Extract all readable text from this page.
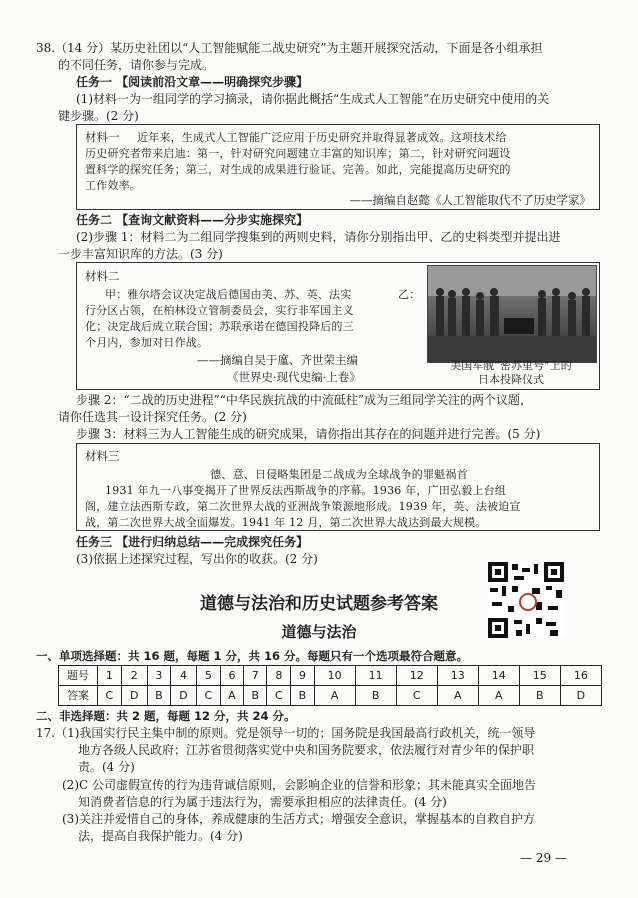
38.（14 分）某历史社团以“人工智能赋能二战史研究”为主题开展探究活动，下面是各小组承担
的不同任务，请你参与完成。
任务一 【阅读前沿文章——明确探究步骤】
(1)材料一为一组同学的学习摘录，请你据此概括“生成式人工智能”在历史研究中使用的关
键步骤。(2 分)
材料一 近年来，生成式人工智能广泛应用于历史研究并取得显著成效。这项技术给
历史研究者带来启迪：第一，针对研究问题建立丰富的知识库；第二，针对研究问题设
置科学的探究任务；第三，对生成的成果进行验证、完善。如此，完能提高历史研究的
工作效率。
——摘编自赵懿《人工智能取代不了历史学家》
任务二 【查询文献资料——分步实施探究】
(2)步骤 1：材料二为二组同学搜集到的两则史料，请你分别指出甲、乙的史料类型并提出进
一步丰富知识库的方法。(3 分)
材料二
甲：雅尔塔会议决定战后德国由美、苏、英、法实
行分区占领，在柏林设立管制委员会，实行非军国主义
化；决定战后成立联合国；苏联承诺在德国投降后的三
个月内，参加对日作战。
——摘编自吴于廑、齐世荣主编
《世界史·现代史编·上卷》
乙：
美国军舰“密苏里号”上的
日本投降仪式
步骤 2：“二战的历史进程”“中华民族抗战的中流砥柱”成为三组同学关注的两个议题，
请你任选其一设计探究任务。(2 分)
步骤 3：材料三为人工智能生成的研究成果，请你指出其存在的问题并进行完善。(5 分)
材料三
德、意、日侵略集团是二战成为全球战争的罪魁祸首
1931 年九一八事变揭开了世界反法西斯战争的序幕。1936 年，广田弘毅上台组
阁，建立法西斯专政，第二次世界大战的亚洲战争策源地形成。1939 年，英、法被迫宣
战，第二次世界大战全面爆发。1941 年 12 月，第二次世界大战达到最大规模。
任务三 【进行归纳总结——完成探究任务】
(3)依据上述探究过程，写出你的收获。(2 分)
道德与法治和历史试题参考答案
道德与法治
一、单项选择题：共 16 题，每题 1 分，共 16 分。每题只有一个选项最符合题意。
题号	1	2	3	4	5	6	7	8	9	10	11	12	13	14	15	16
答案	C	D	B	D	C	A	B	C	B	A	B	C	A	A	B	D
二、非选择题：共 2 题，每题 12 分，共 24 分。
17.（1)我国实行民主集中制的原则。党是领导一切的；国务院是我国最高行政机关，统一领导
地方各级人民政府；江苏省贯彻落实党中央和国务院要求，依法履行对青少年的保护职
责。(4 分)
(2)C 公司虚假宣传的行为违背诚信原则，会影响企业的信誉和形象；其未能真实全面地告
知消费者信息的行为属于违法行为，需要承担相应的法律责任。(4 分)
(3)关注并爱惜自己的身体，养成健康的生活方式；增强安全意识，掌握基本的自救自护方
法，提高自我保护能力。(4 分)
— 29 —
